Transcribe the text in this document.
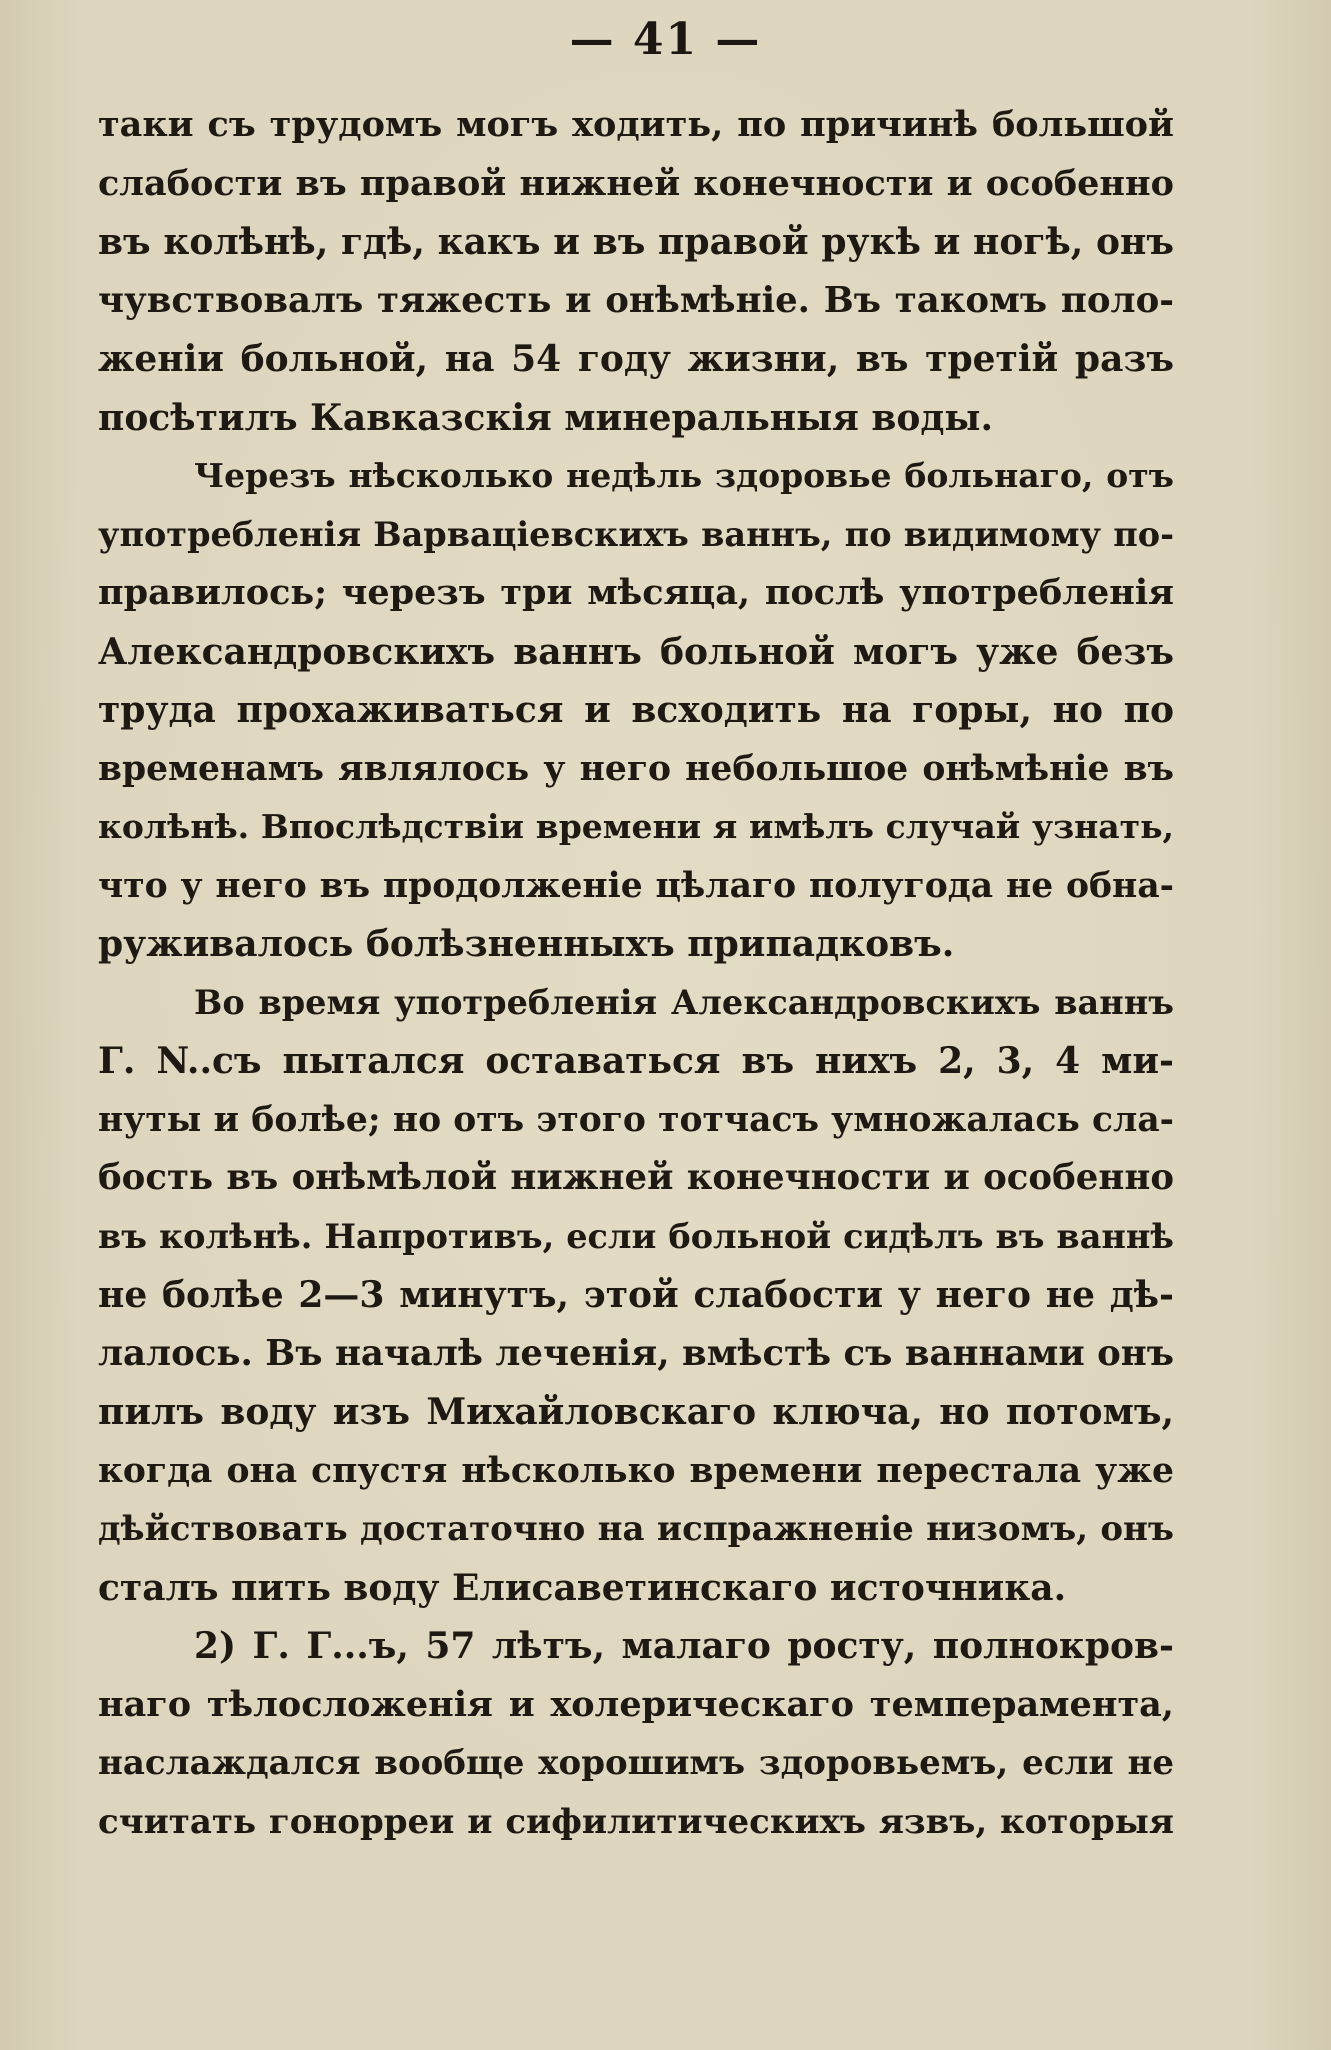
— 41 —
таки съ трудомъ могъ ходить, по причинѣ большой
слабости въ правой нижней конечности и особенно
въ колѣнѣ, гдѣ, какъ и въ правой рукѣ и ногѣ, онъ
чувствовалъ тяжесть и онѣмѣніе. Въ такомъ поло-
женіи больной, на 54 году жизни, въ третій разъ
посѣтилъ Кавказскія минеральныя воды.
Черезъ нѣсколько недѣль здоровье больнаго, отъ
употребленія Варваціевскихъ ваннъ, по видимому по-
правилось; черезъ три мѣсяца, послѣ употребленія
Александровскихъ ваннъ больной могъ уже безъ
труда прохаживаться и всходить на горы, но по
временамъ являлось у него небольшое онѣмѣніе въ
колѣнѣ. Впослѣдствіи времени я имѣлъ случай узнать,
что у него въ продолженіе цѣлаго полугода не обна-
руживалось болѣзненныхъ припадковъ.
Во время употребленія Александровскихъ ваннъ
Г. N..съ пытался оставаться въ нихъ 2, 3, 4 ми-
нуты и болѣе; но отъ этого тотчасъ умножалась сла-
бость въ онѣмѣлой нижней конечности и особенно
въ колѣнѣ. Напротивъ, если больной сидѣлъ въ ваннѣ
не болѣе 2—3 минутъ, этой слабости у него не дѣ-
лалось. Въ началѣ леченія, вмѣстѣ съ ваннами онъ
пилъ воду изъ Михайловскаго ключа, но потомъ,
когда она спустя нѣсколько времени перестала уже
дѣйствовать достаточно на испражненіе низомъ, онъ
сталъ пить воду Елисаветинскаго источника.
2) Г. Г...ъ, 57 лѣтъ, малаго росту, полнокров-
наго тѣлосложенія и холерическаго темперамента,
наслаждался вообще хорошимъ здоровьемъ, если не
считать гонорреи и сифилитическихъ язвъ, которыя
